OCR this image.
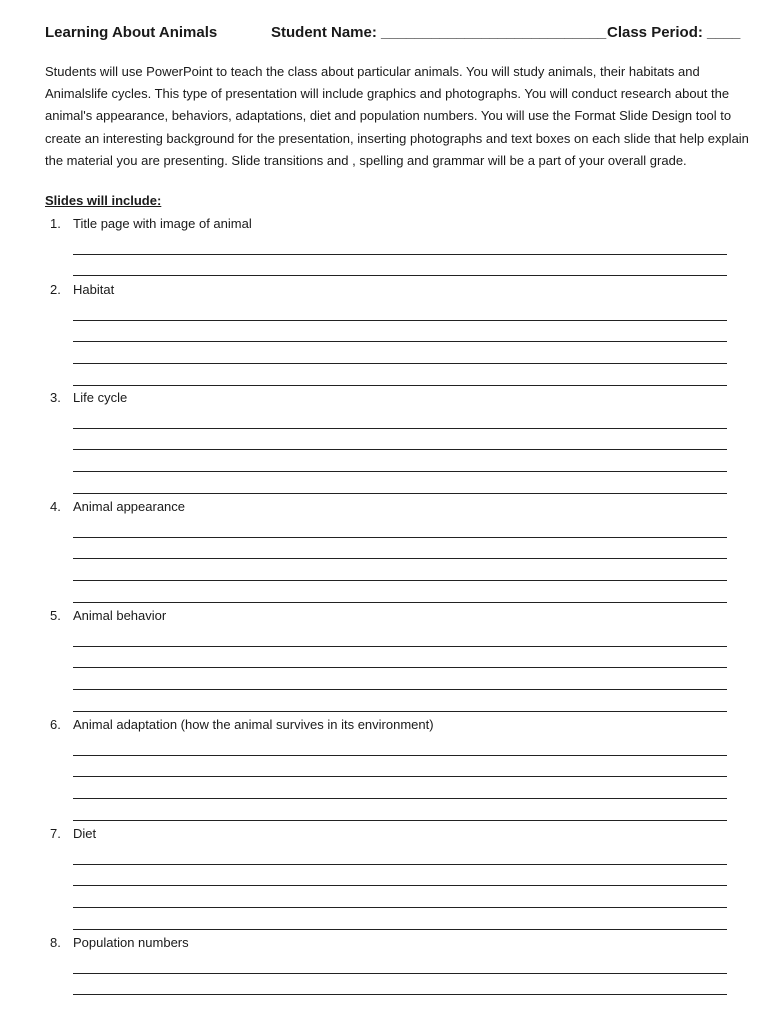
Learning About Animals	Student Name: ___________________________ Class Period: ____
Students will use PowerPoint to teach the class about particular animals. You will study animals, their habitats and Animalslife cycles. This type of presentation will include graphics and photographs. You will conduct research about the animal's appearance, behaviors, adaptations, diet and population numbers. You will use the Format Slide Design tool to create an interesting background for the presentation, inserting photographs and text boxes on each slide that help explain the material you are presenting. Slide transitions and , spelling and grammar will be a part of your overall grade.
Slides will include:
1. Title page with image of animal
2. Habitat
3. Life cycle
4. Animal appearance
5. Animal behavior
6. Animal adaptation (how the animal survives in its environment)
7. Diet
8. Population numbers
